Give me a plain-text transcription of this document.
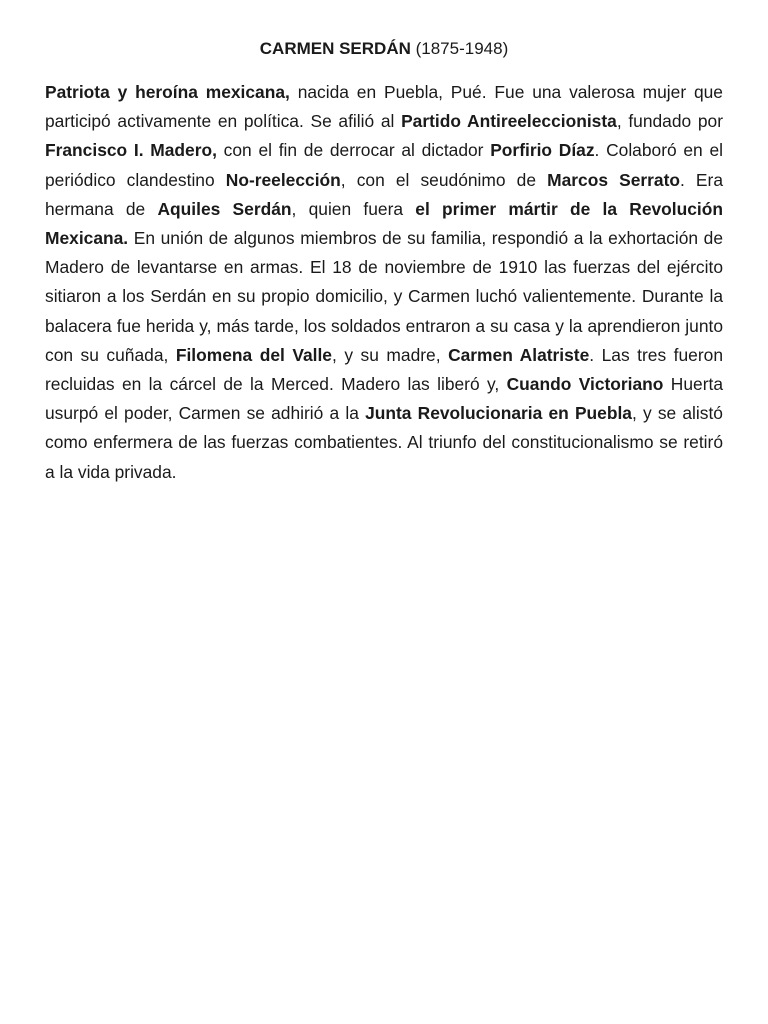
CARMEN SERDÁN (1875-1948)

Patriota y heroína mexicana, nacida en Puebla, Pué. Fue una valerosa mujer que participó activamente en política. Se afilió al Partido Antireeleccionista, fundado por Francisco I. Madero, con el fin de derrocar al dictador Porfirio Díaz. Colaboró en el periódico clandestino No-reelección, con el seudónimo de Marcos Serrato. Era hermana de Aquiles Serdán, quien fuera el primer mártir de la Revolución Mexicana. En unión de algunos miembros de su familia, respondió a la exhortación de Madero de levantarse en armas. El 18 de noviembre de 1910 las fuerzas del ejército sitiaron a los Serdán en su propio domicilio, y Carmen luchó valientemente. Durante la balacera fue herida y, más tarde, los soldados entraron a su casa y la aprendieron junto con su cuñada, Filomena del Valle, y su madre, Carmen Alatriste. Las tres fueron recluidas en la cárcel de la Merced. Madero las liberó y, Cuando Victoriano Huerta usurpó el poder, Carmen se adhirió a la Junta Revolucionaria en Puebla, y se alistó como enfermera de las fuerzas combatientes. Al triunfo del constitucionalismo se retiró a la vida privada.
